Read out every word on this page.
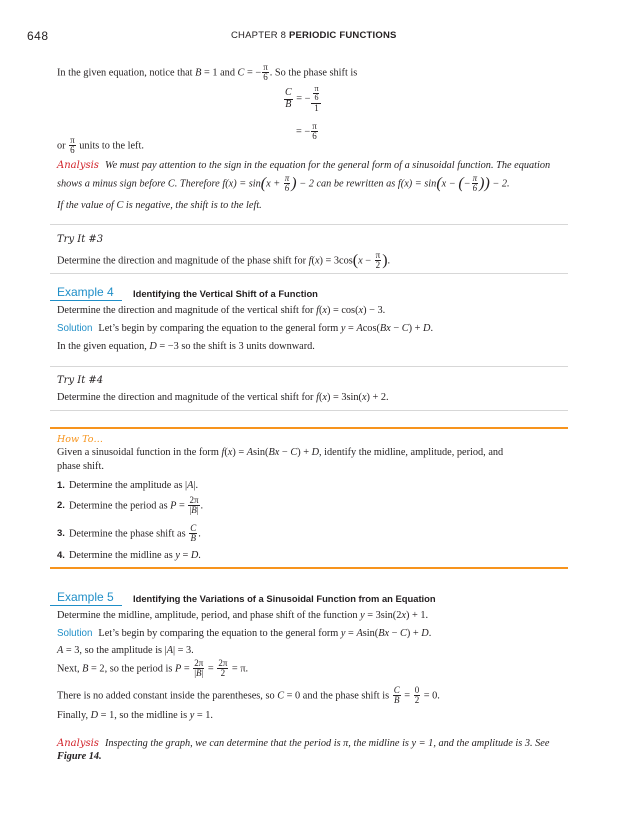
648	CHAPTER 8 PERIODIC FUNCTIONS
In the given equation, notice that B = 1 and C = − $\frac{\pi}{6}$ . So the phase shift is
$\frac{C}{B}$ = − $\frac{\frac{\pi}{6}}{1}$
= − $\frac{\pi}{6}$
or $\frac{\pi}{6}$ units to the left.
Analysis We must pay attention to the sign in the equation for the general form of a sinusoidal function. The equation
shows a minus sign before C. Therefore $f(x) = \sin(x + \frac{\pi}{6}$ ) − 2 can be rewritten as f(x) = sin(x − (− $\frac{\pi}{6}$ )) − 2.
If the value of C is negative, the shift is to the left.
Try It #3
Determine the direction and magnitude of the phase shift for $f(x) = 3\cos(x - \frac{\pi}{2}$ ).
Example 4 Identifying the Vertical Shift of a Function
Determine the direction and magnitude of the vertical shift for f(x) = cos(x) − 3.
Solution Let’s begin by comparing the equation to the general form y = Acos(Bx − C) + D.
In the given equation, D = −3 so the shift is 3 units downward.
Try It #4
Determine the direction and magnitude of the vertical shift for f(x) = 3sin(x) + 2.
How To…
Given a sinusoidal function in the form f(x) = Asin(Bx − C) + D, identify the midline, amplitude, period, and
phase shift.
1. Determine the amplitude as |A|.
2. Determine the period as $P = \frac{2\pi}{|B|}$ .
3. Determine the phase shift as $\frac{C}{B}$ .
4. Determine the midline as y = D.
Example 5 Identifying the Variations of a Sinusoidal Function from an Equation
Determine the midline, amplitude, period, and phase shift of the function y = 3sin(2x) + 1.
Solution Let’s begin by comparing the equation to the general form y = Asin(Bx − C) + D.
A = 3, so the amplitude is |A| = 3.
Next, B = 2, so the period is $P = \frac{2\pi}{|B|} = \frac{2\pi}{2} = \pi$.
There is no added constant inside the parentheses, so C = 0 and the phase shift is $\frac{C}{B} = \frac{0}{2} = 0$.
Finally, D = 1, so the midline is y = 1.
Analysis Inspecting the graph, we can determine that the period is π, the midline is y = 1, and the amplitude is 3. See
Figure 14.
